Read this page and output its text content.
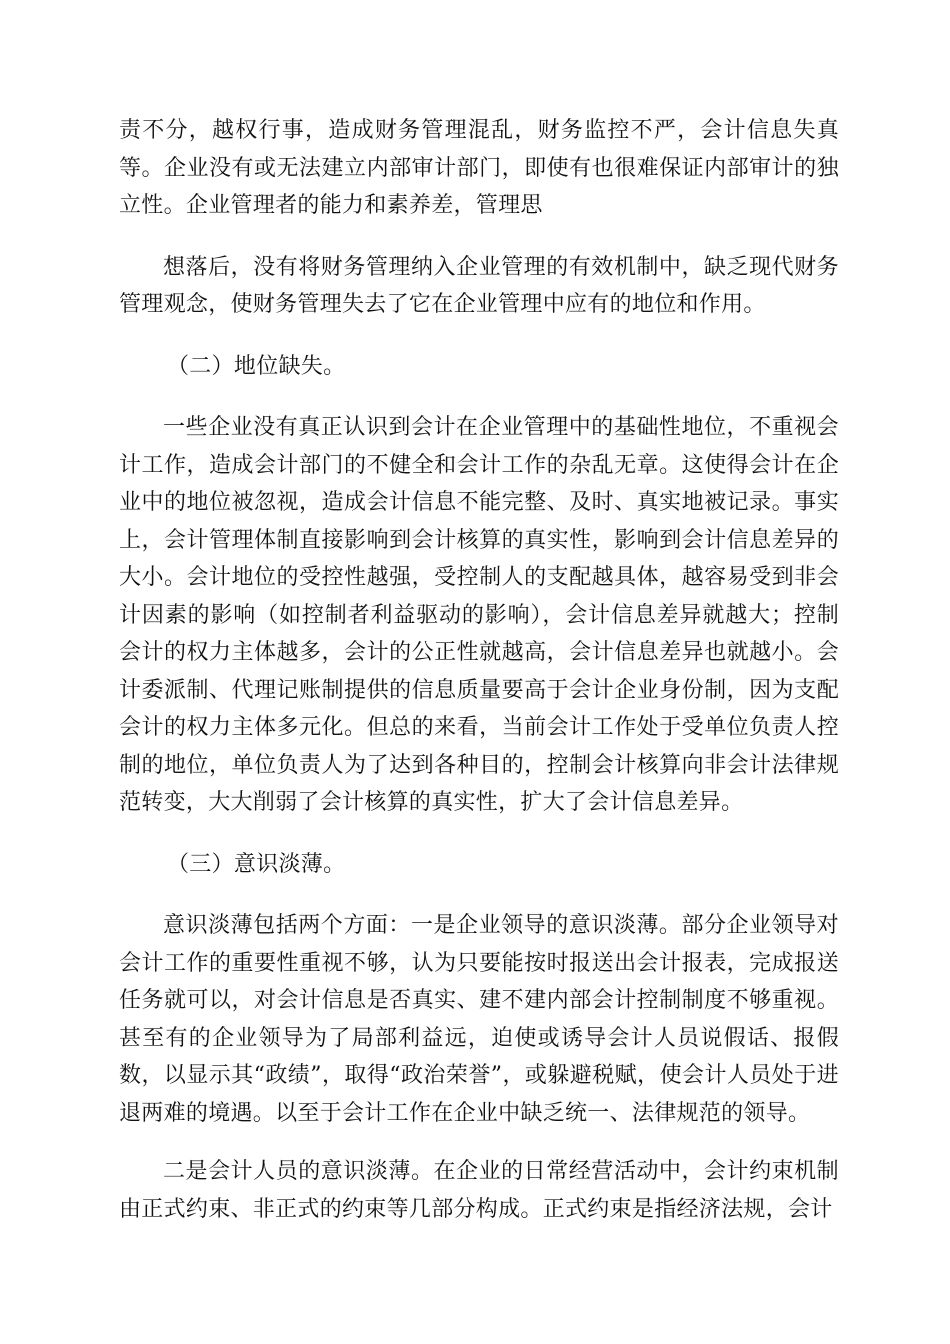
责不分，越权行事，造成财务管理混乱，财务监控不严，会计信息失真等。企业没有或无法建立内部审计部门，即使有也很难保证内部审计的独立性。企业管理者的能力和素养差，管理思

想落后，没有将财务管理纳入企业管理的有效机制中，缺乏现代财务管理观念，使财务管理失去了它在企业管理中应有的地位和作用。

（二）地位缺失。

一些企业没有真正认识到会计在企业管理中的基础性地位，不重视会计工作，造成会计部门的不健全和会计工作的杂乱无章。这使得会计在企业中的地位被忽视，造成会计信息不能完整、及时、真实地被记录。事实上，会计管理体制直接影响到会计核算的真实性，影响到会计信息差异的大小。会计地位的受控性越强，受控制人的支配越具体，越容易受到非会计因素的影响（如控制者利益驱动的影响），会计信息差异就越大；控制会计的权力主体越多，会计的公正性就越高，会计信息差异也就越小。会计委派制、代理记账制提供的信息质量要高于会计企业身份制，因为支配会计的权力主体多元化。但总的来看，当前会计工作处于受单位负责人控制的地位，单位负责人为了达到各种目的，控制会计核算向非会计法律规范转变，大大削弱了会计核算的真实性，扩大了会计信息差异。

（三）意识淡薄。

意识淡薄包括两个方面：一是企业领导的意识淡薄。部分企业领导对会计工作的重要性重视不够，认为只要能按时报送出会计报表，完成报送任务就可以，对会计信息是否真实、建不建内部会计控制制度不够重视。甚至有的企业领导为了局部利益远，迫使或诱导会计人员说假话、报假数，以显示其“政绩”，取得“政治荣誉”，或躲避税赋，使会计人员处于进退两难的境遇。以至于会计工作在企业中缺乏统一、法律规范的领导。

二是会计人员的意识淡薄。在企业的日常经营活动中，会计约束机制由正式约束、非正式的约束等几部分构成。正式约束是指经济法规，会计
